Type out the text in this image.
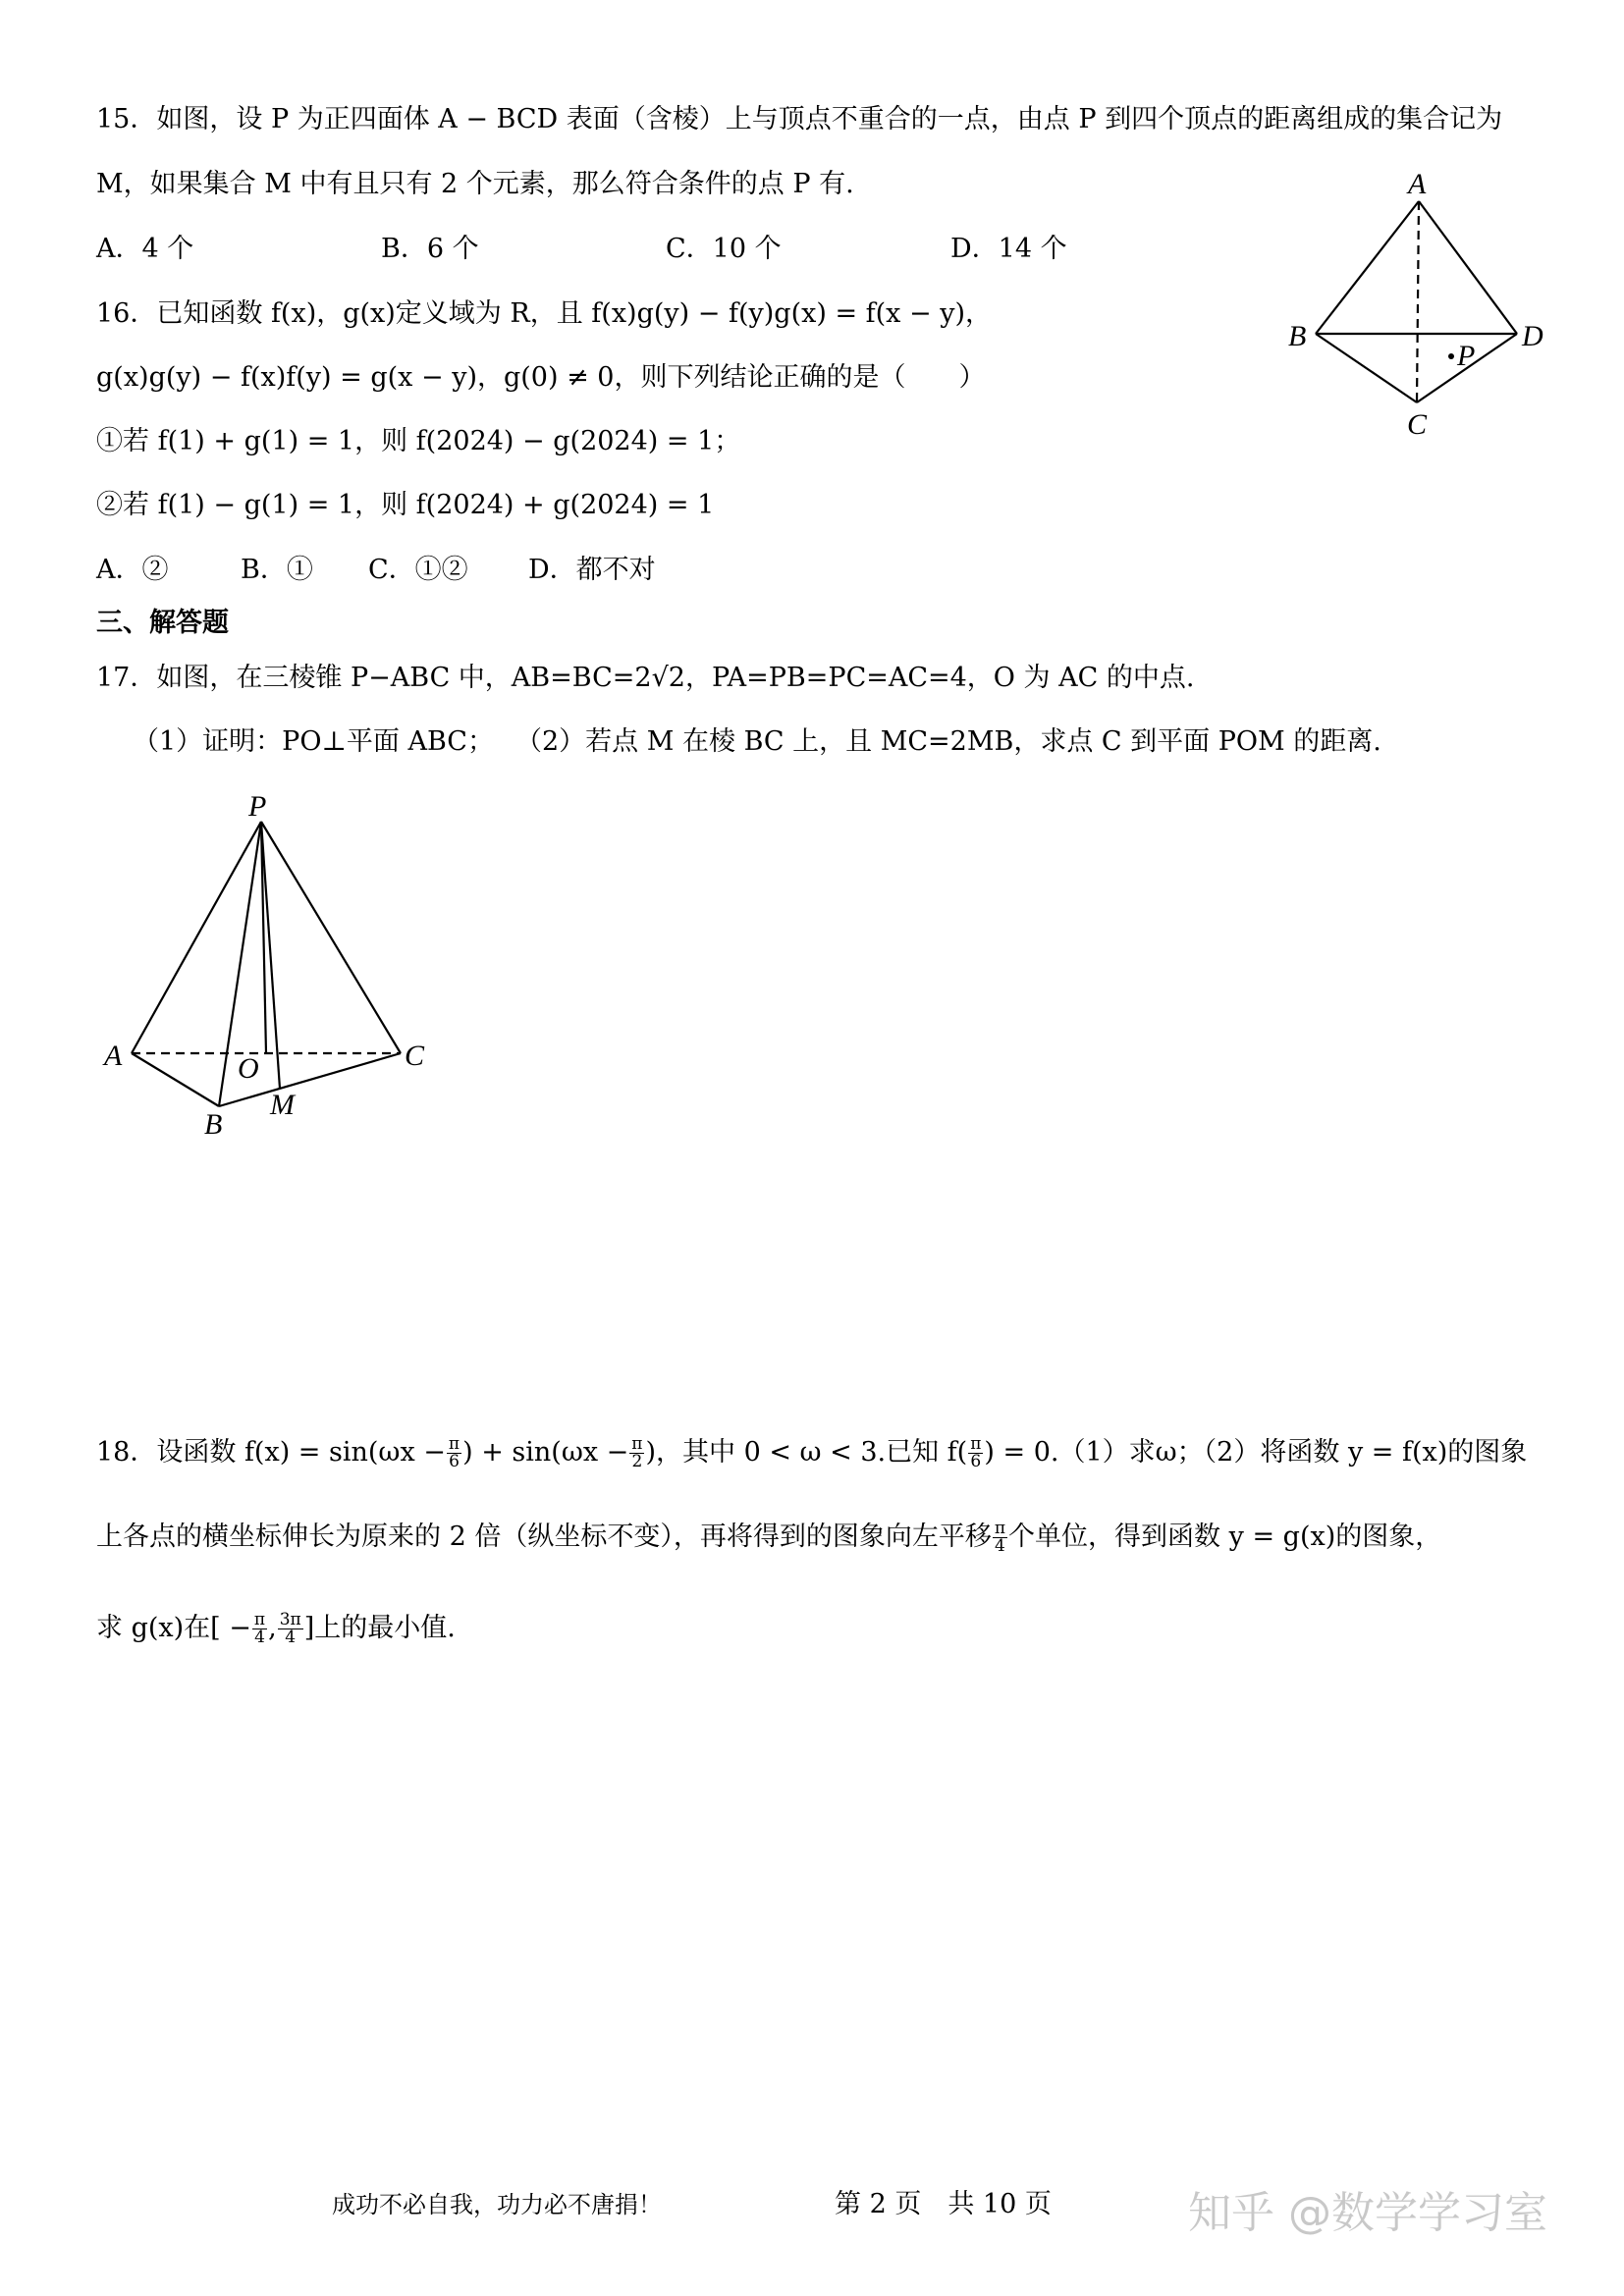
15．如图，设 P 为正四面体 A − BCD 表面（含棱）上与顶点不重合的一点，由点 P 到四个顶点的距离组成的集合记为
M，如果集合 M 中有且只有 2 个元素，那么符合条件的点 P 有.
A．4 个	B．6 个	C．10 个	D．14 个
A
B
C
D
P
16．已知函数 f(x)，g(x)定义域为 R，且 f(x)g(y) − f(y)g(x) = f(x − y)，
g(x)g(y) − f(x)f(y) = g(x − y)，g(0) ≠ 0，则下列结论正确的是（　　）
①若 f(1) + g(1) = 1，则 f(2024) − g(2024) = 1；
②若 f(1) − g(1) = 1，则 f(2024) + g(2024) = 1
A．②	B．① C．①② D．都不对
三、解答题
17．如图，在三棱锥 P−ABC 中，AB=BC=2√2，PA=PB=PC=AC=4，O 为 AC 的中点.
（1）证明：PO⊥平面 ABC； （2）若点 M 在棱 BC 上，且 MC=2MB，求点 C 到平面 POM 的距离.
P
A
B
C
O
M
18．设函数 $f(x) = \sin(\omega x - \frac{\pi}{6}$ ) + $\sin(\omega x - \frac{\pi}{2}$ )，其中 0 < ω < 3.已知 $f( \frac{\pi}{6}$ ) = 0.（1）求ω；（2）将函数 y = f(x)的图象
上各点的横坐标伸长为原来的 2 倍（纵坐标不变），再将得到的图象向左平移 $\frac{\pi}{4}$ 个单位，得到函数 y = g(x)的图象，
求 g(x)在[ − $\frac{\pi}{4}$ , $\frac{3\pi}{4}$ ]上的最小值.
成功不必自我，功力必不唐捐！	第 2 页　共 10 页	知乎 @数学学习室
